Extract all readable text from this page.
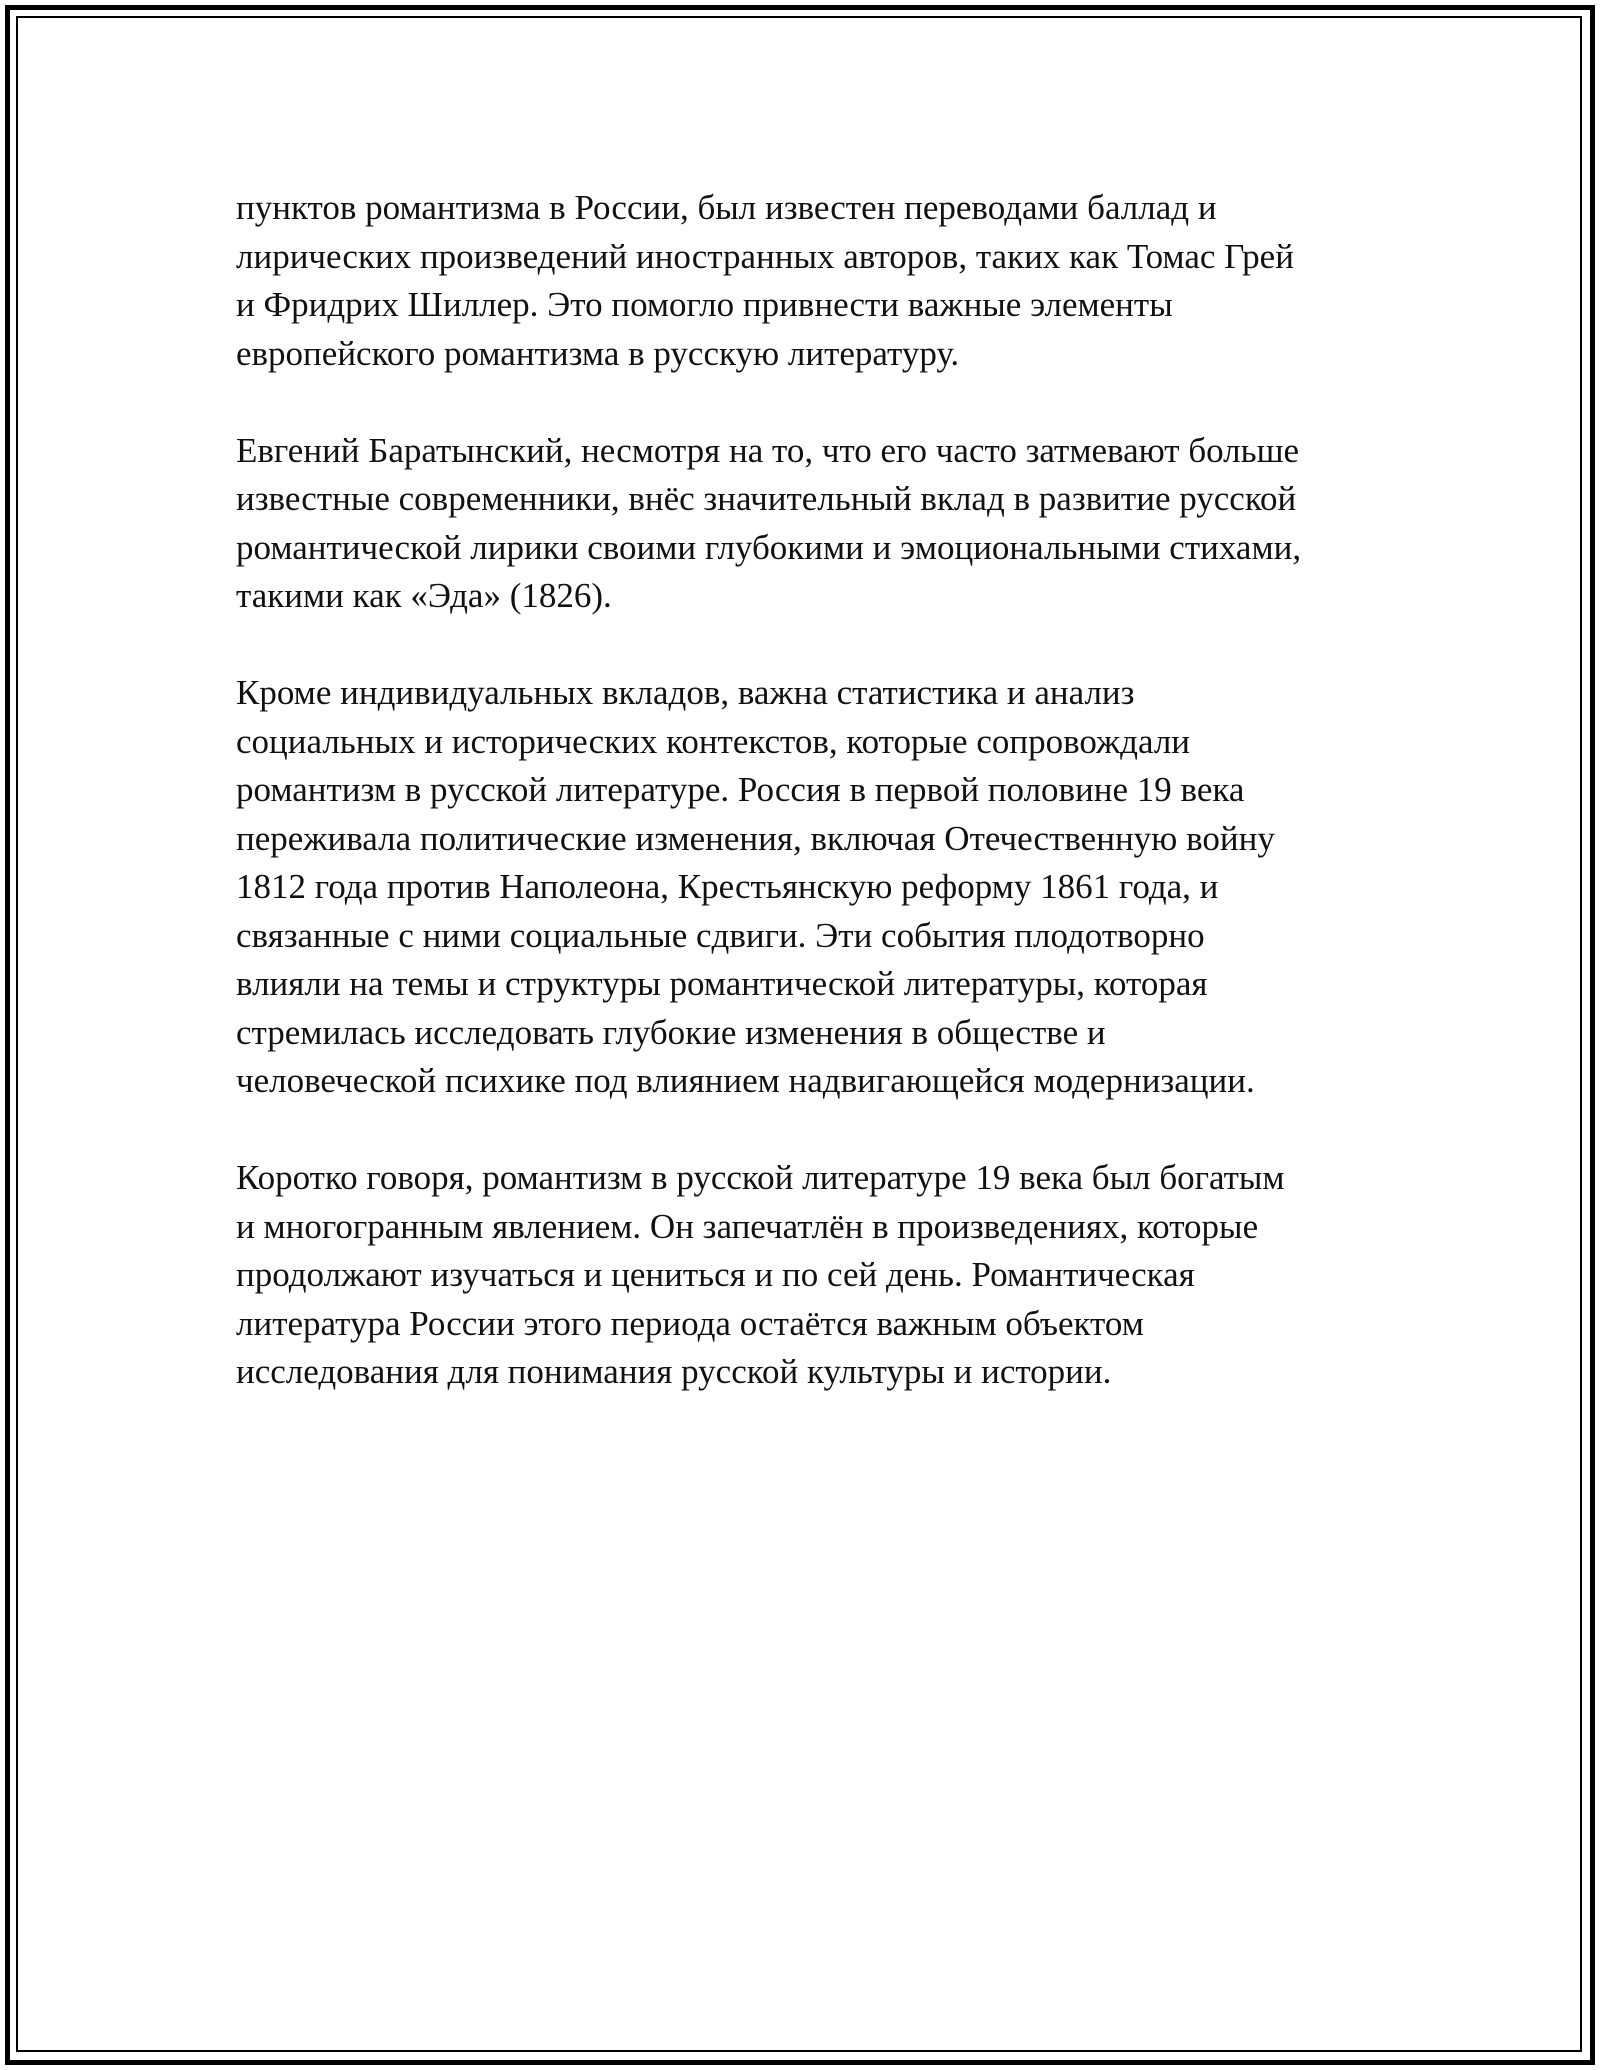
пунктов романтизма в России, был известен переводами баллад и
лирических произведений иностранных авторов, таких как Томас Грей
и Фридрих Шиллер. Это помогло привнести важные элементы
европейского романтизма в русскую литературу.

Евгений Баратынский, несмотря на то, что его часто затмевают больше
известные современники, внёс значительный вклад в развитие русской
романтической лирики своими глубокими и эмоциональными стихами,
такими как «Эда» (1826).

Кроме индивидуальных вкладов, важна статистика и анализ
социальных и исторических контекстов, которые сопровождали
романтизм в русской литературе. Россия в первой половине 19 века
переживала политические изменения, включая Отечественную войну
1812 года против Наполеона, Крестьянскую реформу 1861 года, и
связанные с ними социальные сдвиги. Эти события плодотворно
влияли на темы и структуры романтической литературы, которая
стремилась исследовать глубокие изменения в обществе и
человеческой психике под влиянием надвигающейся модернизации.

Коротко говоря, романтизм в русской литературе 19 века был богатым
и многогранным явлением. Он запечатлён в произведениях, которые
продолжают изучаться и цениться и по сей день. Романтическая
литература России этого периода остаётся важным объектом
исследования для понимания русской культуры и истории.
